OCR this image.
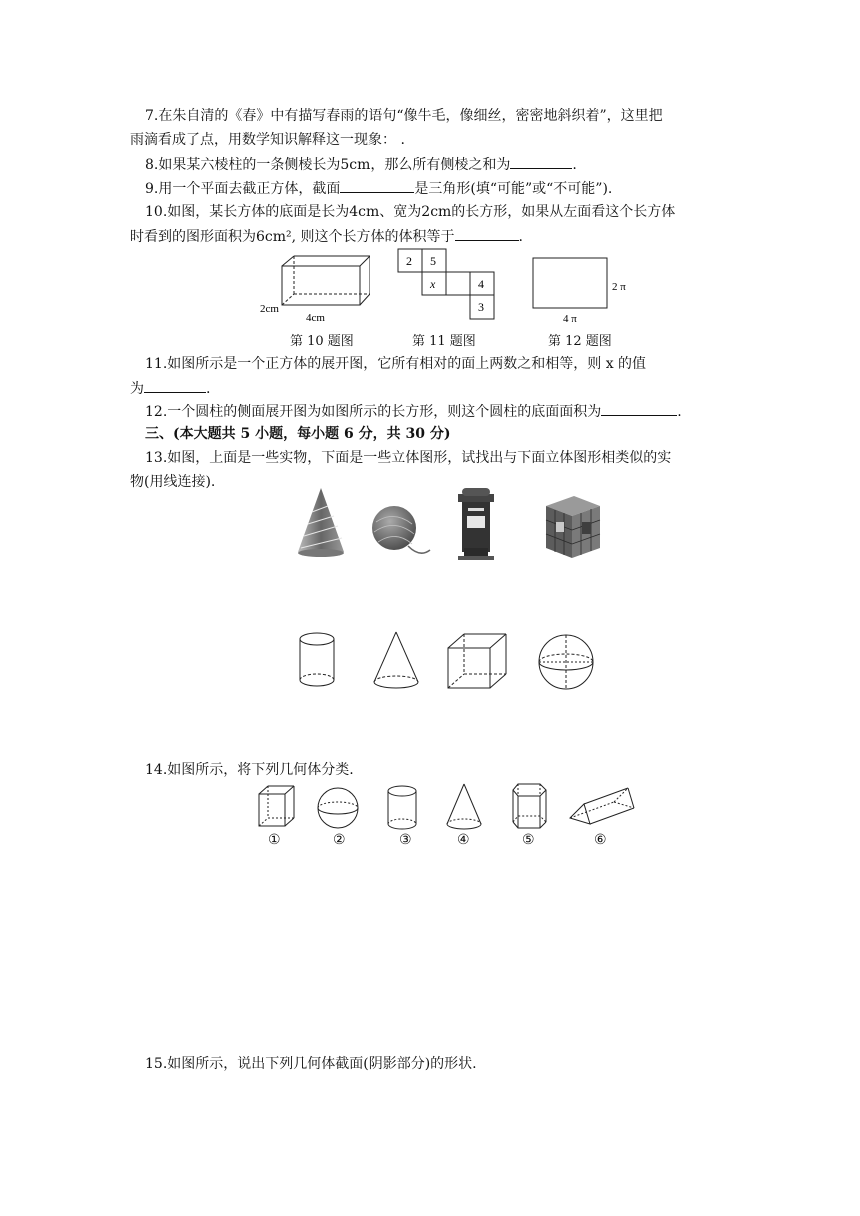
7.在朱自清的《春》中有描写春雨的语句“像牛毛，像细丝，密密地斜织着”，这里把
雨滴看成了点，用数学知识解释这一现象： .
8.如果某六棱柱的一条侧棱长为5cm，那么所有侧棱之和为	.
9.用一个平面去截正方体，截面	是三角形(填“可能”或“不可能”).
10.如图，某长方体的底面是长为4cm、宽为2cm的长方形，如果从左面看这个长方体
时看到的图形面积为6cm², 则这个长方体的体积等于	.
2cm
4cm
第 10 题图
2 5
x	4
3
第 11 题图
2 π
4 π
第 12 题图
11.如图所示是一个正方体的展开图，它所有相对的面上两数之和相等，则 x 的值
为	.
12.一个圆柱的侧面展开图为如图所示的长方形，则这个圆柱的底面面积为	.
三、(本大题共 5 小题，每小题 6 分，共 30 分)
13.如图，上面是一些实物，下面是一些立体图形，试找出与下面立体图形相类似的实
物(用线连接).
14.如图所示，将下列几何体分类.
①	②	③	④	⑤	⑥
15.如图所示，说出下列几何体截面(阴影部分)的形状.
